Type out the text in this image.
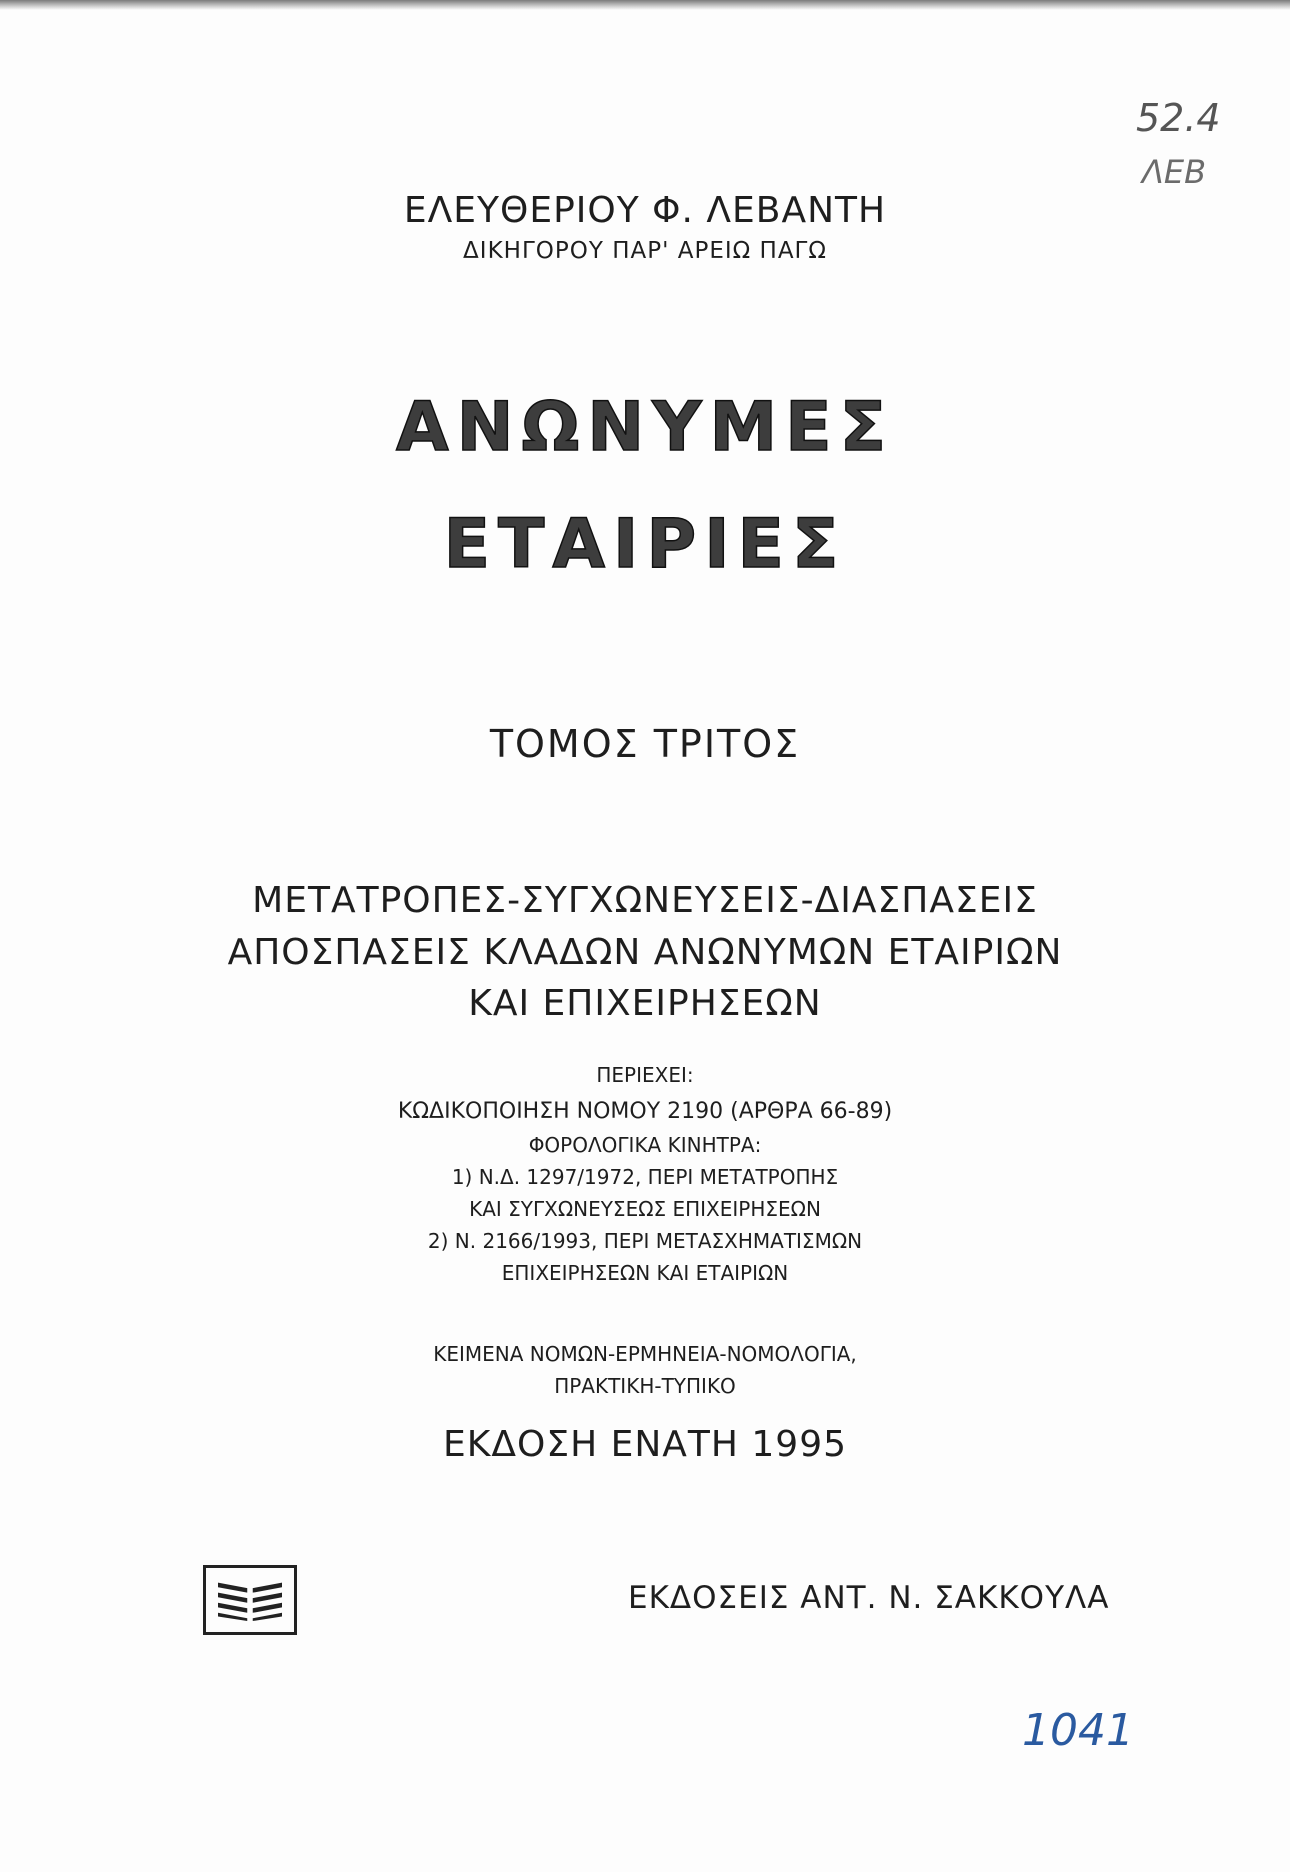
ΕΛΕΥΘΕΡΙΟΥ Φ. ΛΕΒΑΝΤΗ
ΔΙΚΗΓΟΡΟΥ ΠΑΡ' ΑΡΕΙΩ ΠΑΓΩ
ΑΝΩΝΥΜΕΣ
ΕΤΑΙΡΙΕΣ
ΤΟΜΟΣ ΤΡΙΤΟΣ
ΜΕΤΑΤΡΟΠΕΣ-ΣΥΓΧΩΝΕΥΣΕΙΣ-ΔΙΑΣΠΑΣΕΙΣ
ΑΠΟΣΠΑΣΕΙΣ ΚΛΑΔΩΝ ΑΝΩΝΥΜΩΝ ΕΤΑΙΡΙΩΝ
ΚΑΙ ΕΠΙΧΕΙΡΗΣΕΩΝ
ΠΕΡΙΕΧΕΙ:
ΚΩΔΙΚΟΠΟΙΗΣΗ ΝΟΜΟΥ 2190 (ΑΡΘΡΑ 66-89)
ΦΟΡΟΛΟΓΙΚΑ ΚΙΝΗΤΡΑ:
1) Ν.Δ. 1297/1972, ΠΕΡΙ ΜΕΤΑΤΡΟΠΗΣ
ΚΑΙ ΣΥΓΧΩΝΕΥΣΕΩΣ ΕΠΙΧΕΙΡΗΣΕΩΝ
2) Ν. 2166/1993, ΠΕΡΙ ΜΕΤΑΣΧΗΜΑΤΙΣΜΩΝ
ΕΠΙΧΕΙΡΗΣΕΩΝ ΚΑΙ ΕΤΑΙΡΙΩΝ
ΚΕΙΜΕΝΑ ΝΟΜΩΝ-ΕΡΜΗΝΕΙΑ-ΝΟΜΟΛΟΓΙΑ,
ΠΡΑΚΤΙΚΗ-ΤΥΠΙΚΟ
ΕΚΔΟΣΗ ΕΝΑΤΗ 1995
ΕΚΔΟΣΕΙΣ ΑΝΤ. Ν. ΣΑΚΚΟΥΛΑ
52.4
ΛΕΒ
1041
